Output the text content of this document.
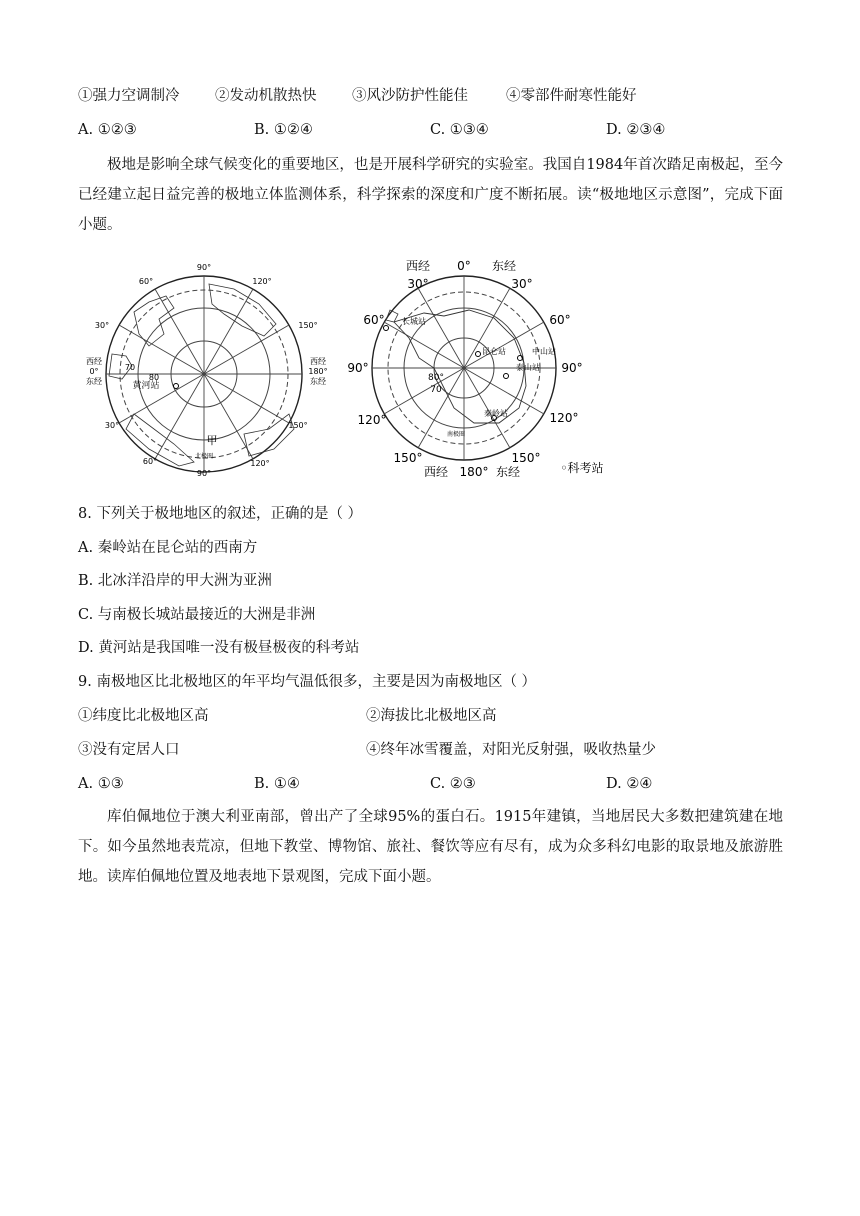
①强力空调制冷 ②发动机散热快 ③风沙防护性能佳	④零部件耐寒性能好
A. ①②③	B. ①②④	C. ①③④	D. ②③④
极地是影响全球气候变化的重要地区，也是开展科学研究的实验室。我国自1984年首次踏足南极起，至今已经建立起日益完善的极地立体监测体系，科学探索的深度和广度不断拓展。读“极地地区示意图”，完成下面小题。
90°
60°	120°
30°	150°
西经
0°
东经
西经
180°
东经
30°	150°
60°	120°
90°
70
80
黄河站
甲
北极圈
西经 0° 东经
30°	30°
60°	60°
90°	90°
120°	120°
150°	150°
西经 180° 东经
80°
70
长城站
昆仑站	中山站
泰山站
秦岭站
南极圈
◦科考站
8. 下列关于极地地区的叙述，正确的是（ ）
A. 秦岭站在昆仑站的西南方
B. 北冰洋沿岸的甲大洲为亚洲
C. 与南极长城站最接近的大洲是非洲
D. 黄河站是我国唯一没有极昼极夜的科考站
9. 南极地区比北极地区的年平均气温低很多，主要是因为南极地区（ ）
①纬度比北极地区高	②海拔比北极地区高
③没有定居人口	④终年冰雪覆盖，对阳光反射强，吸收热量少
A. ①③	B. ①④	C. ②③	D. ②④
库伯佩地位于澳大利亚南部，曾出产了全球95%的蛋白石。1915年建镇，当地居民大多数把建筑建在地下。如今虽然地表荒凉，但地下教堂、博物馆、旅社、餐饮等应有尽有，成为众多科幻电影的取景地及旅游胜地。读库伯佩地位置及地表地下景观图，完成下面小题。
